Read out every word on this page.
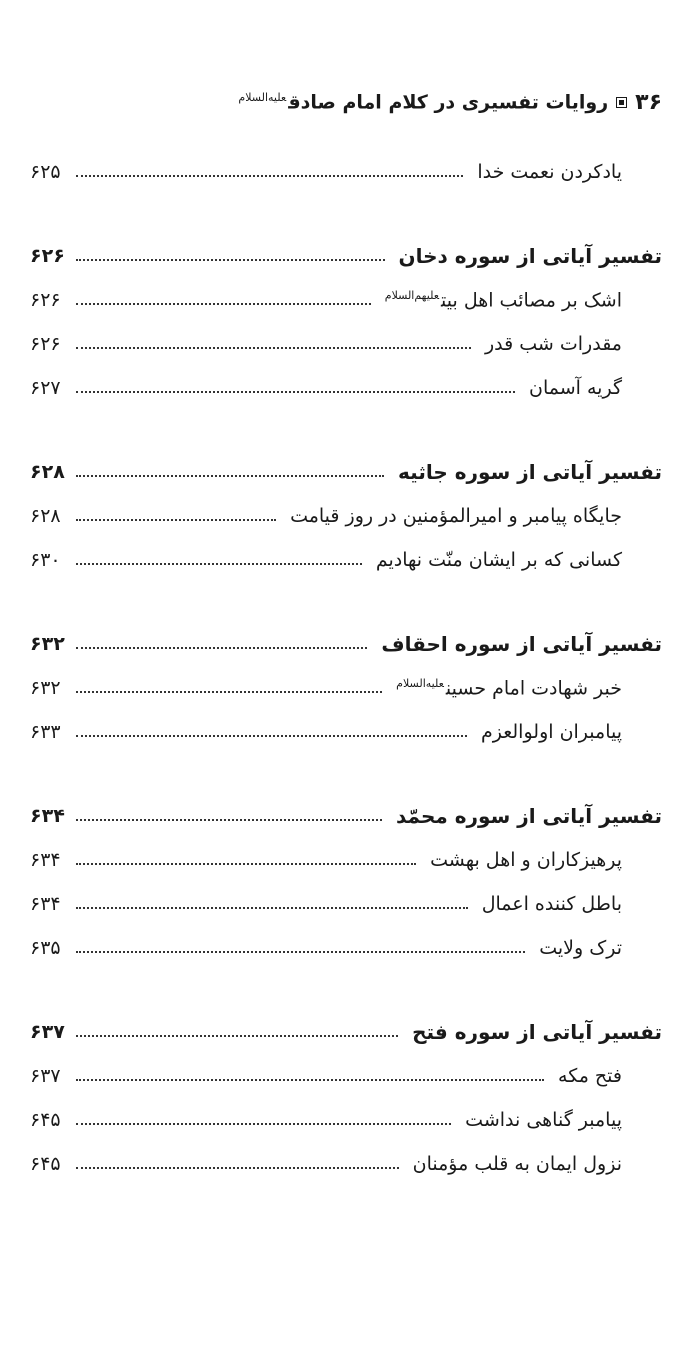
۳۶
روایات تفسیری در کلام امام صادق$^{علیه‌السلام}$
یادکردن نعمت خدا
۶۲۵
تفسیر آیاتی از سوره دخان
۶۲۶
اشک بر مصائب اهل بیت$^{علیهم‌السلام}$
۶۲۶
مقدرات شب قدر
۶۲۶
گریه آسمان
۶۲۷
تفسیر آیاتی از سوره جاثیه
۶۲۸
جایگاه پیامبر و امیرالمؤمنین در روز قیامت
۶۲۸
کسانی که بر ایشان منّت نهادیم
۶۳۰
تفسیر آیاتی از سوره احقاف
۶۳۲
خبر شهادت امام حسین$^{علیه‌السلام}$
۶۳۲
پیامبران اولوالعزم
۶۳۳
تفسیر آیاتی از سوره محمّد
۶۳۴
پرهیزکاران و اهل بهشت
۶۳۴
باطل کننده اعمال
۶۳۴
ترک ولایت
۶۳۵
تفسیر آیاتی از سوره فتح
۶۳۷
فتح مکه
۶۳۷
پیامبر گناهی نداشت
۶۴۵
نزول ایمان به قلب مؤمنان
۶۴۵
